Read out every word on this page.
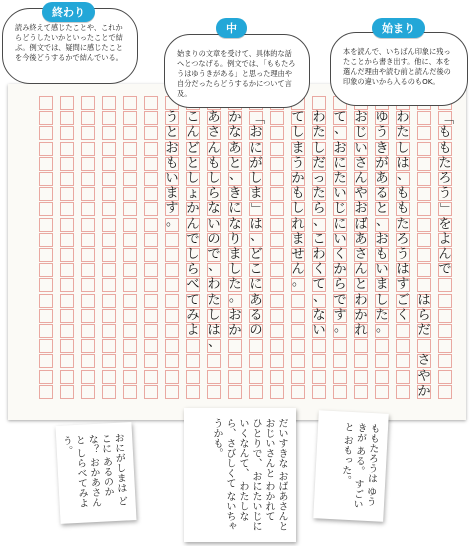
「
も
も
た
ろ
う
」
を
よ
ん
で
は
ら
だ

さ
や
か
わ
た
し
は
、
も
も
た
ろ
う
は
す
ご
く
ゆ
う
き
が
あ
る
と
、
お
も
い
ま
し
た
。
お
じ
い
さ
ん
や
お
ば
あ
さ
ん
と
わ
か
れ
て
、
お
に
た
い
じ
に
い
く
か
ら
で
す
。
わ
た
し
だ
っ
た
ら
、
こ
わ
く
て
、
な
い
て
し
ま
う
か
も
し
れ
ま
せ
ん
。
「
お
に
が
し
ま
」
は
、
ど
こ
に
あ
る
の
か
な
あ
と
、
き
に
な
り
ま
し
た
。
お
か
あ
さ
ん
も
し
ら
な
い
の
で
、
わ
た
し
は
、
こ
ん
ど
と
し
ょ
か
ん
で
し
ら
べ
て
み
よ
う
と
お
も
い
ま
す
。
読み終えて感じたことや、これからどうしたいかといったことで結ぶ。例文では、疑問に感じたことを今後どうするかで結んでいる。
終わり
始まりの文章を受けて、具体的な話へとつなげる。例文では、「ももたろうはゆうきがある」と思った理由や自分だったらどうするかについて言及。
中
本を読んで、いちばん印象に残ったことから書き出す。他に、本を選んだ理由や読む前と読んだ後の印象の違いから入るのもOK。
始まり
おにがしまは どこに あるのかな？ おかあさんと しらべてみよう。	だいすきな おばあさんと おじいさんと わかれて ひとりで、 おにたいじに いくなんて、 わたしなら、さびしくて ないちゃうかも。	ももたろうは ゆうきが ある。 すごいと おもった。
